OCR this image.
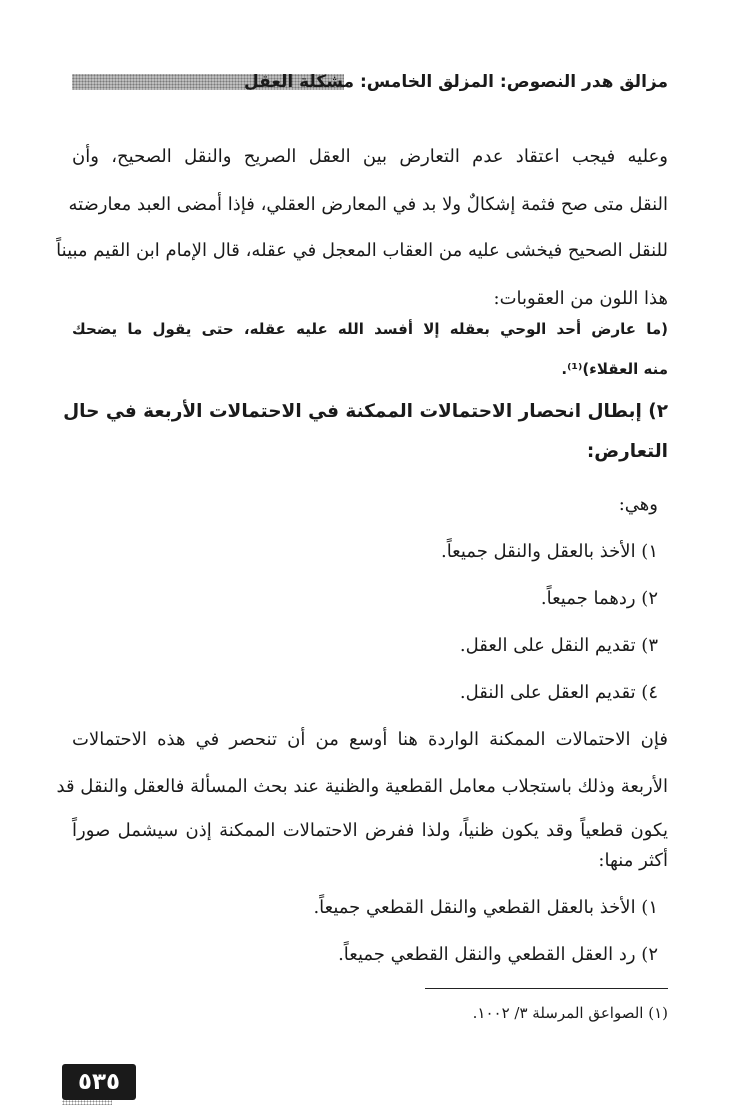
مزالق هدر النصوص: المزلق الخامس: مشكلة العقل
وعليه فيجب اعتقاد عدم التعارض بين العقل الصريح والنقل الصحيح، وأن
النقل متى صح فثمة إشكالٌ ولا بد في المعارض العقلي، فإذا أمضى العبد معارضته
للنقل الصحيح فيخشى عليه من العقاب المعجل في عقله، قال الإمام ابن القيم مبيناً
هذا اللون من العقوبات:
(ما عارض أحد الوحي بعقله إلا أفسد الله عليه عقله، حتى يقول ما يضحك
منه العقلاء)⁽¹⁾.
٢) إبطال انحصار الاحتمالات الممكنة في الاحتمالات الأربعة في حال
التعارض:
وهي:
١) الأخذ بالعقل والنقل جميعاً.
٢) ردهما جميعاً.
٣) تقديم النقل على العقل.
٤) تقديم العقل على النقل.
فإن الاحتمالات الممكنة الواردة هنا أوسع من أن تنحصر في هذه الاحتمالات
الأربعة وذلك باستجلاب معامل القطعية والظنية عند بحث المسألة فالعقل والنقل قد
يكون قطعياً وقد يكون ظنياً، ولذا ففرض الاحتمالات الممكنة إذن سيشمل صوراً
أكثر منها:
١) الأخذ بالعقل القطعي والنقل القطعي جميعاً.
٢) رد العقل القطعي والنقل القطعي جميعاً.
(١) الصواعق المرسلة ٣/ ١٠٠٢.
٥٣٥
